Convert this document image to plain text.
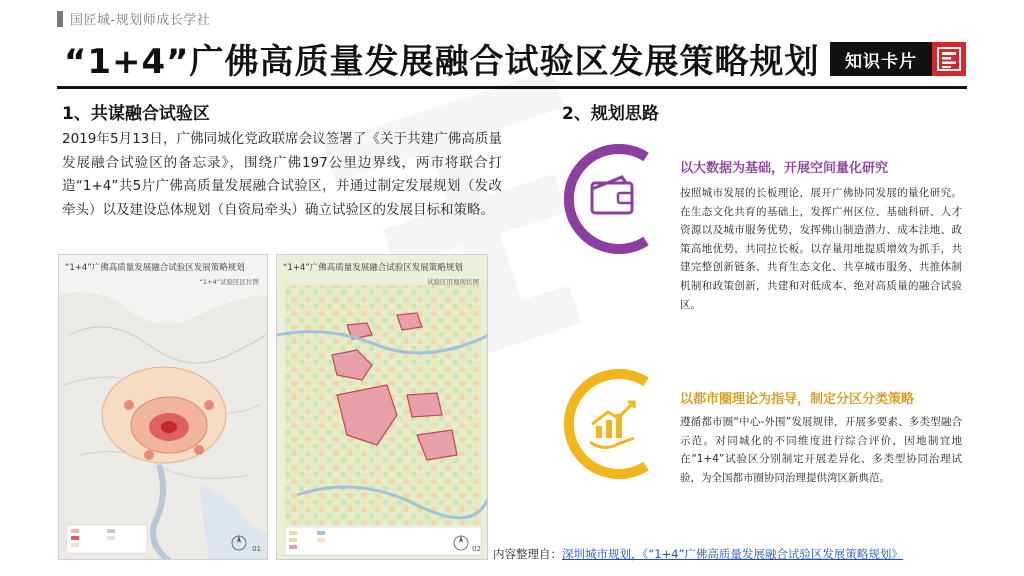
国匠城-规划师成长学社
“1+4”广佛高质量发展融合试验区发展策略规划	知识卡片
1、共谋融合试验区
2019年5月13日，广佛同城化党政联席会议签署了《关于共建广佛高质量发展融合试验区的备忘录》，围绕广佛197公里边界线，两市将联合打造“1+4”共5片广佛高质量发展融合试验区，并通过制定发展规划（发改牵头）以及建设总体规划（自资局牵头）确立试验区的发展目标和策略。
“1+4”广佛高质量发展融合试验区发展策略规划
“1+4”试验区区位图
01
“1+4”广佛高质量发展融合试验区发展策略规划
试验区用地现状图
02
2、规划思路
以大数据为基础，开展空间量化研究
按照城市发展的长板理论，展开广佛协同发展的量化研究。在生态文化共育的基础上，发挥广州区位、基础科研、人才资源以及城市服务优势，发挥佛山制造潜力、成本洼地、政策高地优势，共同拉长板。以存量用地提质增效为抓手，共建完整创新链条、共育生态文化、共享城市服务、共推体制机制和政策创新，共建和对低成本、绝对高质量的融合试验区。
以都市圈理论为指导，制定分区分类策略
遵循都市圈“中心-外围”发展规律，开展多要素、多类型融合示范。对同城化的不同维度进行综合评价，因地制宜地在“1+4”试验区分别制定开展差异化、多类型协同治理试验，为全国都市圈协同治理提供湾区新典范。
内容整理自：深圳城市规划，《“1+4”广佛高质量发展融合试验区发展策略规划》
